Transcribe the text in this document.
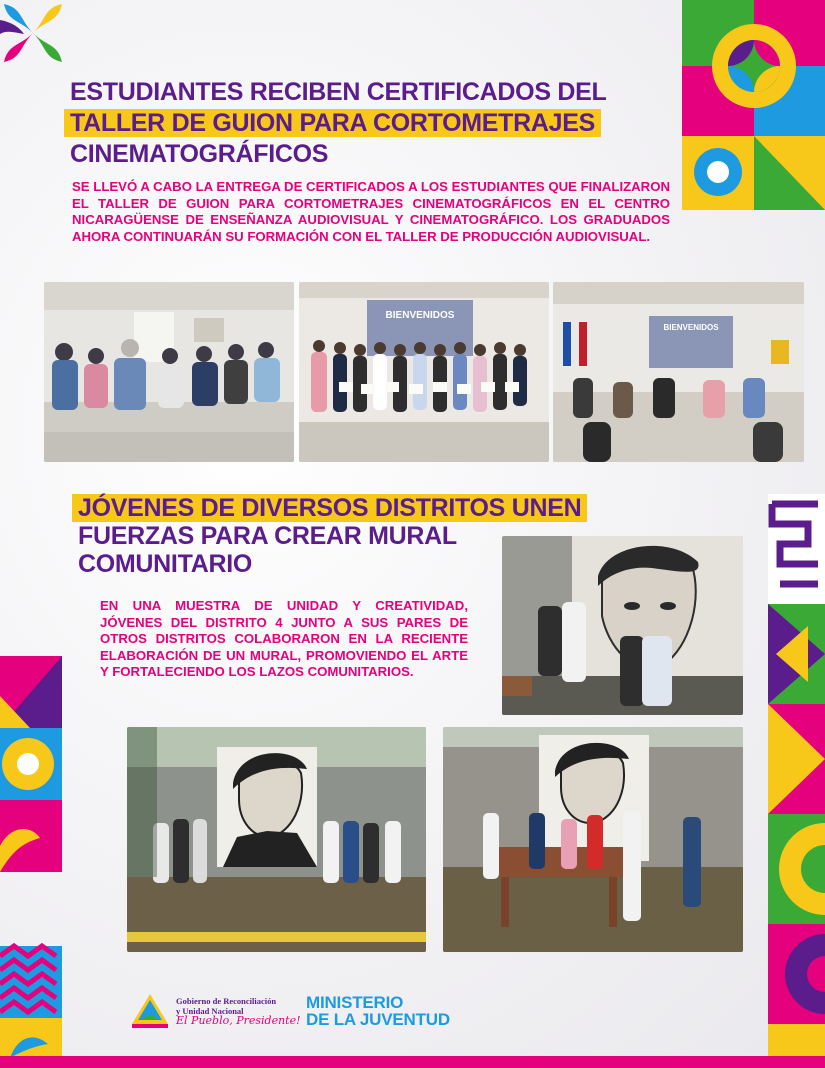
ESTUDIANTES RECIBEN CERTIFICADOS DEL
TALLER DE GUION PARA CORTOMETRAJES
CINEMATOGRÁFICOS
SE LLEVÓ A CABO LA ENTREGA DE CERTIFICADOS A LOS ESTUDIANTES QUE FINALIZARON EL TALLER DE GUION PARA CORTOMETRAJES CINEMATOGRÁFICOS EN EL CENTRO NICARAGÜENSE DE ENSEÑANZA AUDIOVISUAL Y CINEMATOGRÁFICO. LOS GRADUADOS AHORA CONTINUARÁN SU FORMACIÓN CON EL TALLER DE PRODUCCIÓN AUDIOVISUAL.
BIENVENIDOS
BIENVENIDOS
JÓVENES DE DIVERSOS DISTRITOS UNEN
FUERZAS PARA CREAR MURAL
COMUNITARIO
EN UNA MUESTRA DE UNIDAD Y CREATIVIDAD, JÓVENES DEL DISTRITO 4 JUNTO A SUS PARES DE OTROS DISTRITOS COLABORARON EN LA RECIENTE ELABORACIÓN DE UN MURAL, PROMOVIENDO EL ARTE Y FORTALECIENDO LOS LAZOS COMUNITARIOS.
Gobierno de Reconciliación
y Unidad Nacional
El Pueblo, Presidente!
MINISTERIO
DE LA JUVENTUD
